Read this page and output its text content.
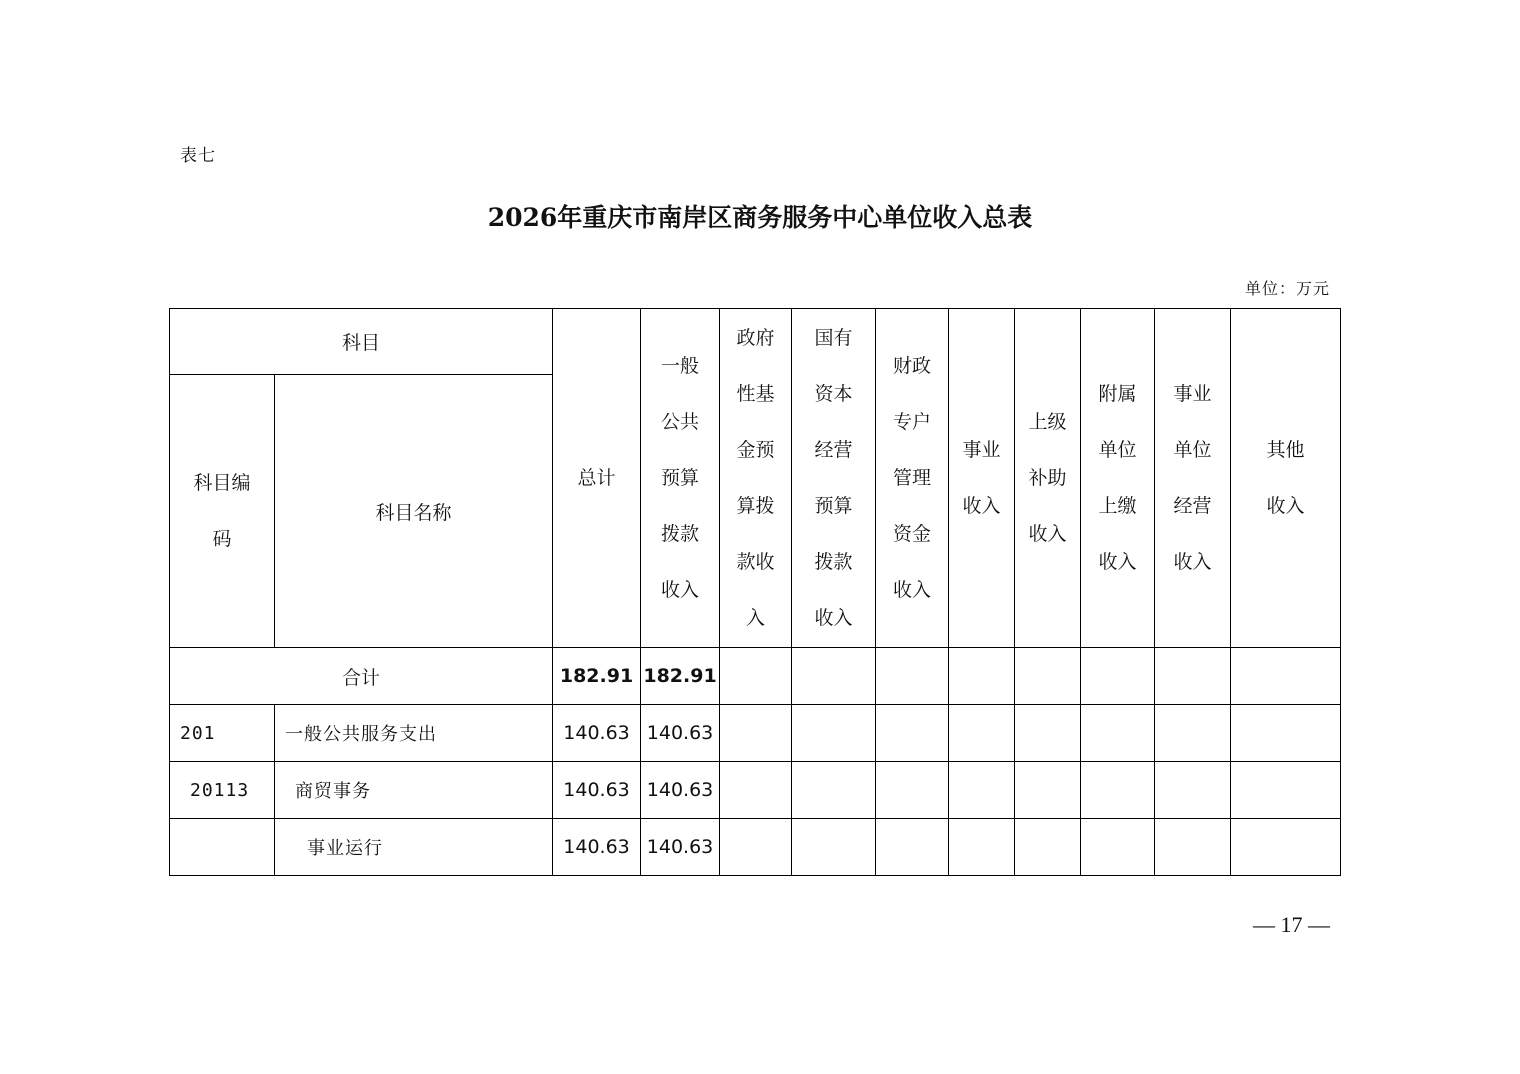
表七
2026年重庆市南岸区商务服务中心单位收入总表
单位：万元
科目		总计	一般公共预算拨款收入	政府性基金预算拨款收入	国有资本经营预算拨款收入	财政专户管理资金收入	事业收入	上级补助收入	附属单位上缴收入	事业单位经营收入	其他收入

科目编码	科目名称										
合计		182.91	182.91								
201	一般公共服务支出	140.63	140.63								
20113	商贸事务	140.63	140.63								
	事业运行	140.63	140.63								
— 17 —
